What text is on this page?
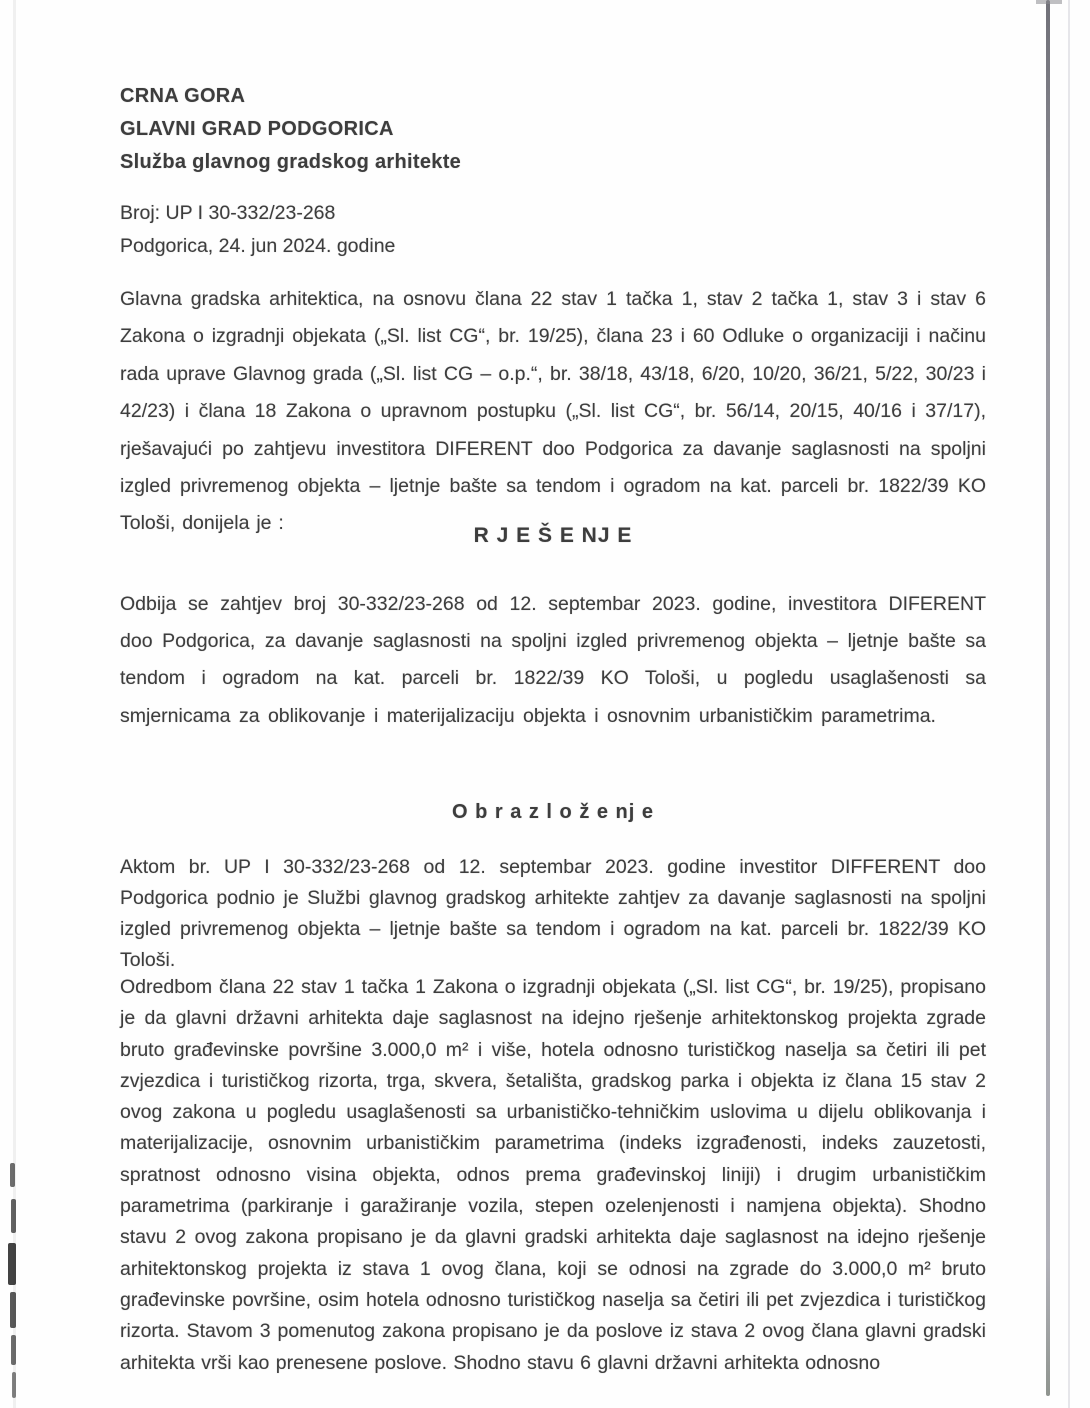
CRNA GORA
GLAVNI GRAD PODGORICA
Služba glavnog gradskog arhitekte
Broj: UP I 30-332/23-268
Podgorica, 24. jun 2024. godine
Glavna gradska arhitektica, na osnovu člana 22 stav 1 tačka 1, stav 2 tačka 1, stav 3 i stav 6 Zakona o izgradnji objekata („Sl. list CG“, br. 19/25), člana 23 i 60 Odluke o organizaciji i načinu rada uprave Glavnog grada („Sl. list CG – o.p.“, br. 38/18, 43/18, 6/20, 10/20, 36/21, 5/22, 30/23 i 42/23) i člana 18 Zakona o upravnom postupku („Sl. list CG“, br. 56/14, 20/15, 40/16 i 37/17), rješavajući po zahtjevu investitora DIFERENT doo Podgorica za davanje saglasnosti na spoljni izgled privremenog objekta – ljetnje bašte sa tendom i ogradom na kat. parceli br. 1822/39 KO Tološi, donijela je :
R J E Š E NJ E
Odbija se zahtjev broj 30-332/23-268 od 12. septembar 2023. godine, investitora DIFERENT doo Podgorica, za davanje saglasnosti na spoljni izgled privremenog objekta – ljetnje bašte sa tendom i ogradom na kat. parceli br. 1822/39 KO Tološi, u pogledu usaglašenosti sa smjernicama za oblikovanje i materijalizaciju objekta i osnovnim urbanističkim parametrima.
O b r a z l o ž e nj e
Aktom br. UP I 30-332/23-268 od 12. septembar 2023. godine investitor DIFFERENT doo Podgorica podnio je Službi glavnog gradskog arhitekte zahtjev za davanje saglasnosti na spoljni izgled privremenog objekta – ljetnje bašte sa tendom i ogradom na kat. parceli br. 1822/39 KO Tološi.
Odredbom člana 22 stav 1 tačka 1 Zakona o izgradnji objekata („Sl. list CG“, br. 19/25), propisano je da glavni državni arhitekta daje saglasnost na idejno rješenje arhitektonskog projekta zgrade bruto građevinske površine 3.000,0 m² i više, hotela odnosno turističkog naselja sa četiri ili pet zvjezdica i turističkog rizorta, trga, skvera, šetališta, gradskog parka i objekta iz člana 15 stav 2 ovog zakona u pogledu usaglašenosti sa urbanističko-tehničkim uslovima u dijelu oblikovanja i materijalizacije, osnovnim urbanističkim parametrima (indeks izgrađenosti, indeks zauzetosti, spratnost odnosno visina objekta, odnos prema građevinskoj liniji) i drugim urbanističkim parametrima (parkiranje i garažiranje vozila, stepen ozelenjenosti i namjena objekta). Shodno stavu 2 ovog zakona propisano je da glavni gradski arhitekta daje saglasnost na idejno rješenje arhitektonskog projekta iz stava 1 ovog člana, koji se odnosi na zgrade do 3.000,0 m² bruto građevinske površine, osim hotela odnosno turističkog naselja sa četiri ili pet zvjezdica i turističkog rizorta. Stavom 3 pomenutog zakona propisano je da poslove iz stava 2 ovog člana glavni gradski arhitekta vrši kao prenesene poslove. Shodno stavu 6 glavni državni arhitekta odnosno
